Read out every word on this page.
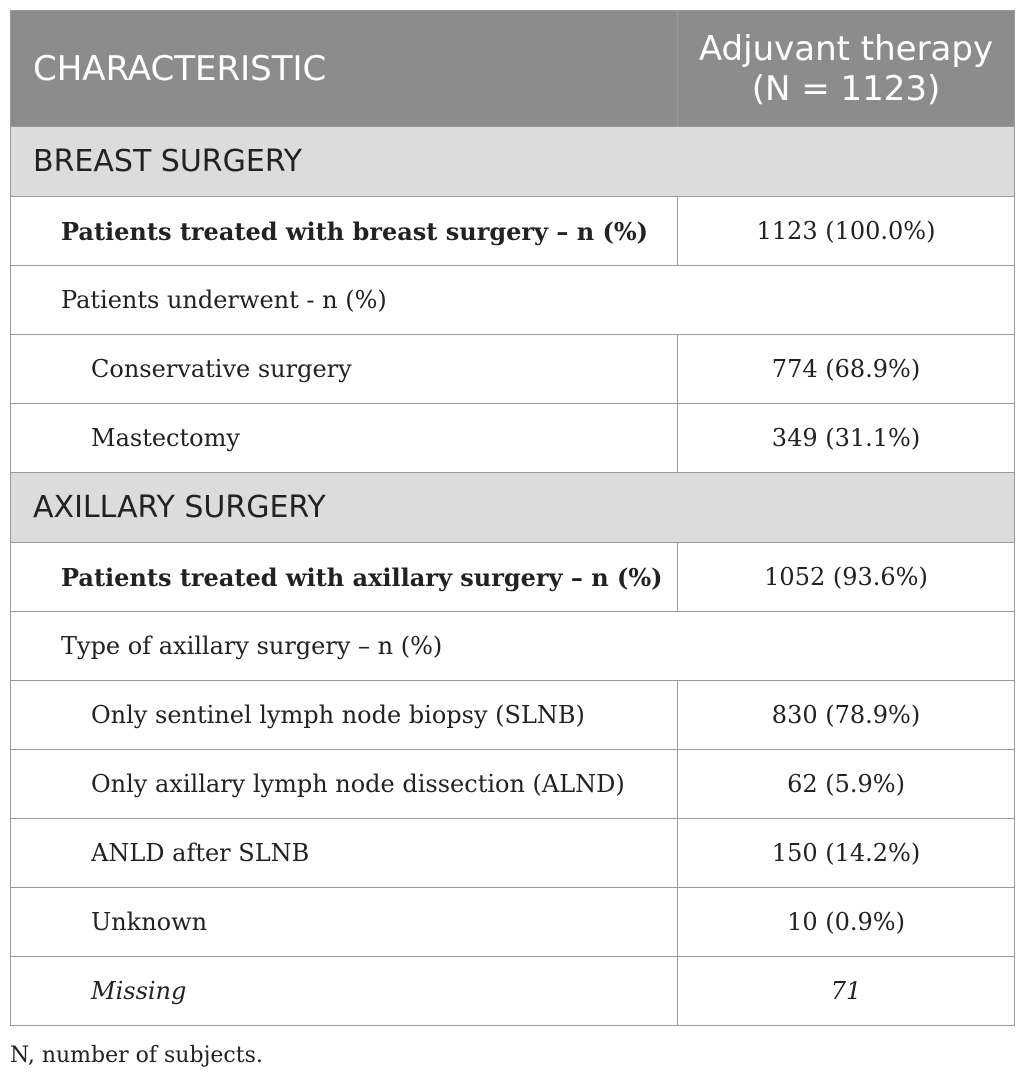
CHARACTERISTIC	Adjuvant therapy
(N = 1123)
BREAST SURGERY	
Patients treated with breast surgery – n (%)	1123 (100.0%)
Patients underwent - n (%)	
Conservative surgery	774 (68.9%)
Mastectomy	349 (31.1%)
AXILLARY SURGERY	
Patients treated with axillary surgery – n (%)	1052 (93.6%)
Type of axillary surgery – n (%)	
Only sentinel lymph node biopsy (SLNB)	830 (78.9%)
Only axillary lymph node dissection (ALND)	62 (5.9%)
ANLD after SLNB	150 (14.2%)
Unknown	10 (0.9%)
Missing	71
N, number of subjects.
